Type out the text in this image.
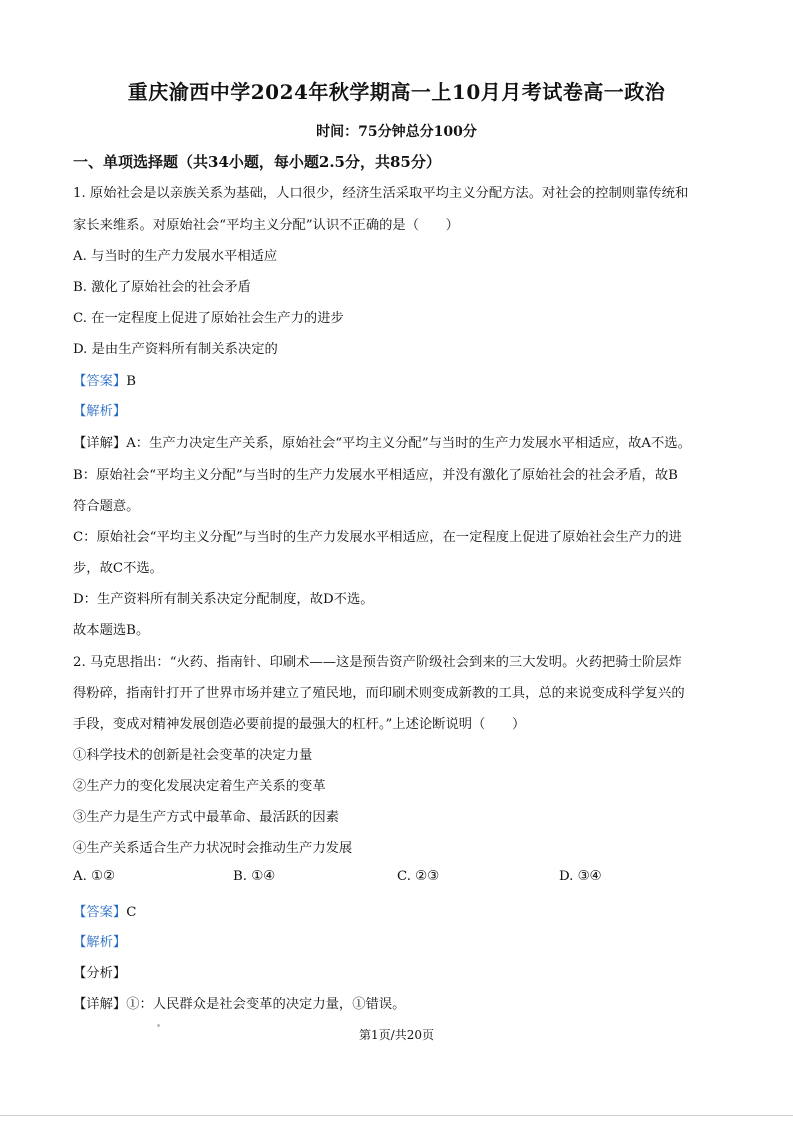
重庆渝西中学2024年秋学期高一上10月月考试卷高一政治
时间：75分钟总分100分
一、单项选择题（共34小题，每小题2.5分，共85分）
1. 原始社会是以亲族关系为基础，人口很少，经济生活采取平均主义分配方法。对社会的控制则靠传统和
家长来维系。对原始社会“平均主义分配”认识不正确的是（　　）
A. 与当时的生产力发展水平相适应
B. 激化了原始社会的社会矛盾
C. 在一定程度上促进了原始社会生产力的进步
D. 是由生产资料所有制关系决定的
【答案】B
【解析】
【详解】A：生产力决定生产关系，原始社会“平均主义分配”与当时的生产力发展水平相适应，故A不选。
B：原始社会“平均主义分配”与当时的生产力发展水平相适应，并没有激化了原始社会的社会矛盾，故B
符合题意。
C：原始社会“平均主义分配”与当时的生产力发展水平相适应，在一定程度上促进了原始社会生产力的进
步，故C不选。
D：生产资料所有制关系决定分配制度，故D不选。
故本题选B。
2. 马克思指出：“火药、指南针、印刷术——这是预告资产阶级社会到来的三大发明。火药把骑士阶层炸
得粉碎，指南针打开了世界市场并建立了殖民地，而印刷术则变成新教的工具，总的来说变成科学复兴的
手段，变成对精神发展创造必要前提的最强大的杠杆。”上述论断说明（　　）
①科学技术的创新是社会变革的决定力量
②生产力的变化发展决定着生产关系的变革
③生产力是生产方式中最革命、最活跃的因素
④生产关系适合生产力状况时会推动生产力发展
A. ①②	B. ①④	C. ②③	D. ③④
【答案】C
【解析】
【分析】
【详解】①：人民群众是社会变革的决定力量，①错误。
第1页/共20页
